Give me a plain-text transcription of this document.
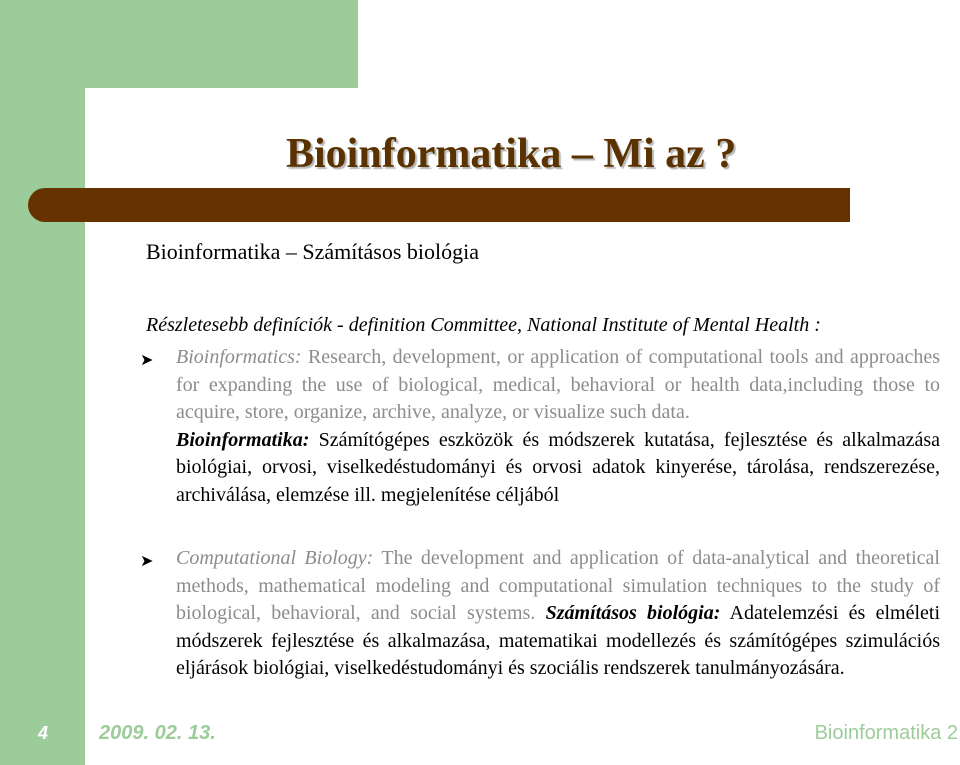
Bioinformatika – Mi az ?
Bioinformatika – Számításos biológia
Részletesebb definíciók - definition Committee, National Institute of Mental Health :
➤ Bioinformatics: Research, development, or application of computational tools and approaches for expanding the use of biological, medical, behavioral or health data,including those to acquire, store, organize, archive, analyze, or visualize such data.
Bioinformatika: Számítógépes eszközök és módszerek kutatása, fejlesztése és alkalmazása biológiai, orvosi, viselkedéstudományi és orvosi adatok kinyerése, tárolása, rendszerezése, archiválása, elemzése ill. megjelenítése céljából

➤ Computational Biology: The development and application of data-analytical and theoretical methods, mathematical modeling and computational simulation techniques to the study of biological, behavioral, and social systems. Számításos biológia: Adatelemzési és elméleti módszerek fejlesztése és alkalmazása, matematikai modellezés és számítógépes szimulációs eljárások biológiai, viselkedéstudományi és szociális rendszerek tanulmányozására.

4	2009. 02. 13.	Bioinformatika 2
